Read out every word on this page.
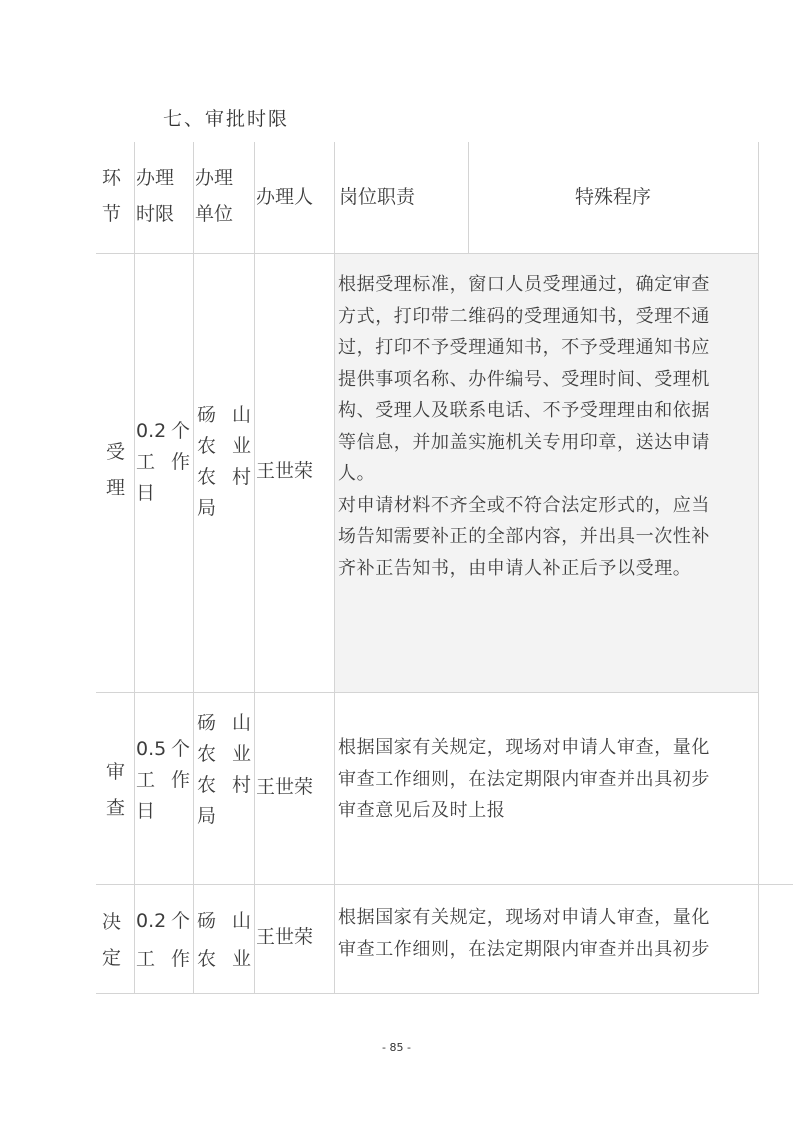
七、审批时限
环
节
办 理
时限
办 理
单位
办理人 岗位职责	特殊程序
受
理
0.2 个
工 作
日
砀 山
农 业
农 村
局
王世荣

根据受理标准，窗口人员受理通过，确定审查

方式，打印带二维码的受理通知书，受理不通

过，打印不予受理通知书，不予受理通知书应

提供事项名称、办件编号、受理时间、受理机

构、受理人及联系电话、不予受理理由和依据

等信息，并加盖实施机关专用印章，送达申请

人。

对申请材料不齐全或不符合法定形式的，应当

场告知需要补正的全部内容，并出具一次性补

齐补正告知书，由申请人补正后予以受理。

审
查
0.5 个
工 作
日
砀 山
农 业
农 村
局
王世荣

根据国家有关规定，现场对申请人审查，量化

审查工作细则，在法定期限内审查并出具初步

审查意见后及时上报

决
定
0.2 个
工 作
砀 山
农 业
王世荣

根据国家有关规定，现场对申请人审查，量化

审查工作细则，在法定期限内审查并出具初步

- 85 -
